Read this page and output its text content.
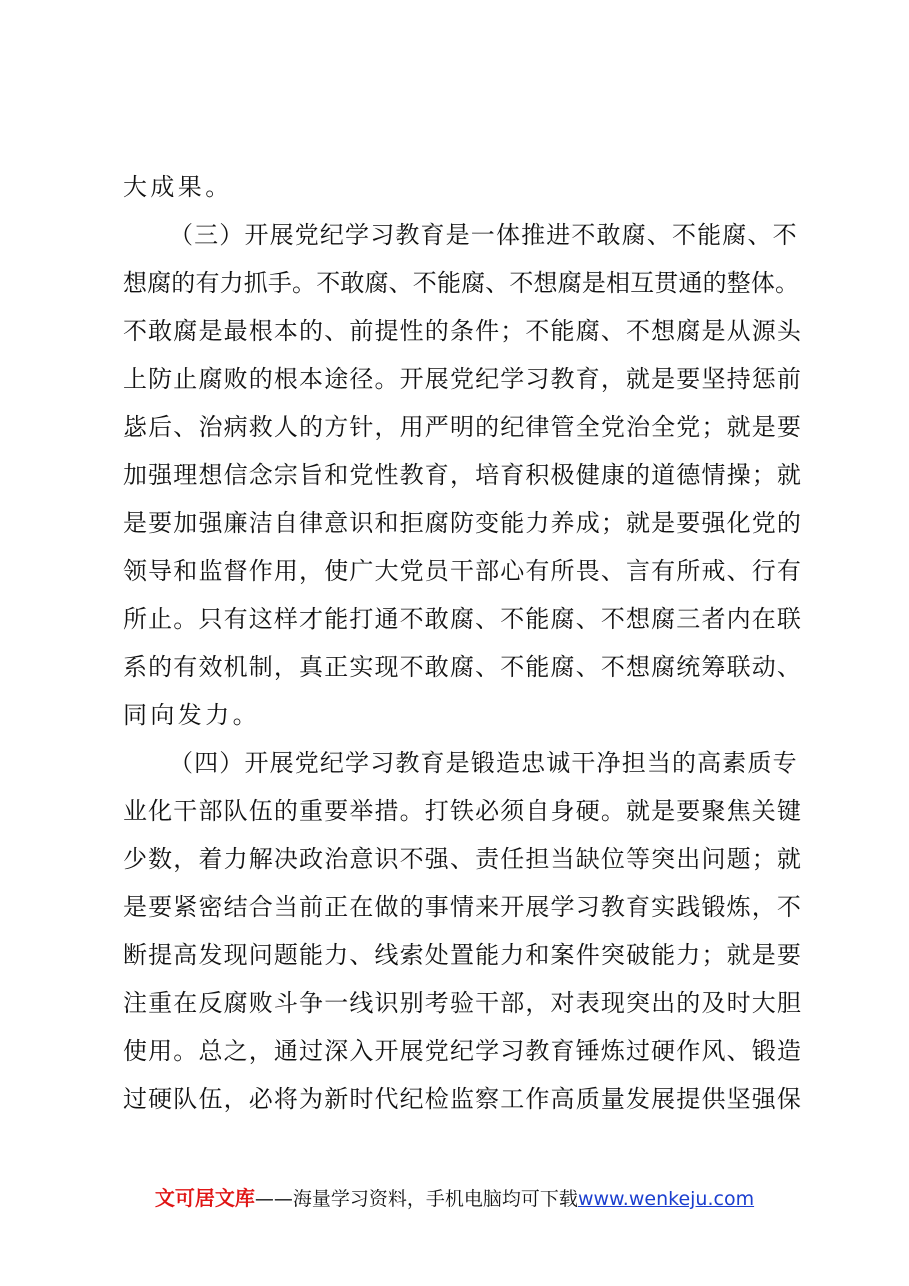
大成果。
（三）开展党纪学习教育是一体推进不敢腐、不能腐、不
想腐的有力抓手。不敢腐、不能腐、不想腐是相互贯通的整体。
不敢腐是最根本的、前提性的条件；不能腐、不想腐是从源头
上防止腐败的根本途径。开展党纪学习教育，就是要坚持惩前
毖后、治病救人的方针，用严明的纪律管全党治全党；就是要
加强理想信念宗旨和党性教育，培育积极健康的道德情操；就
是要加强廉洁自律意识和拒腐防变能力养成；就是要强化党的
领导和监督作用，使广大党员干部心有所畏、言有所戒、行有
所止。只有这样才能打通不敢腐、不能腐、不想腐三者内在联
系的有效机制，真正实现不敢腐、不能腐、不想腐统筹联动、
同向发力。
（四）开展党纪学习教育是锻造忠诚干净担当的高素质专
业化干部队伍的重要举措。打铁必须自身硬。就是要聚焦关键
少数，着力解决政治意识不强、责任担当缺位等突出问题；就
是要紧密结合当前正在做的事情来开展学习教育实践锻炼，不
断提高发现问题能力、线索处置能力和案件突破能力；就是要
注重在反腐败斗争一线识别考验干部，对表现突出的及时大胆
使用。总之，通过深入开展党纪学习教育锤炼过硬作风、锻造
过硬队伍，必将为新时代纪检监察工作高质量发展提供坚强保
文可居文库——海量学习资料，手机电脑均可下载www.wenkeju.com
